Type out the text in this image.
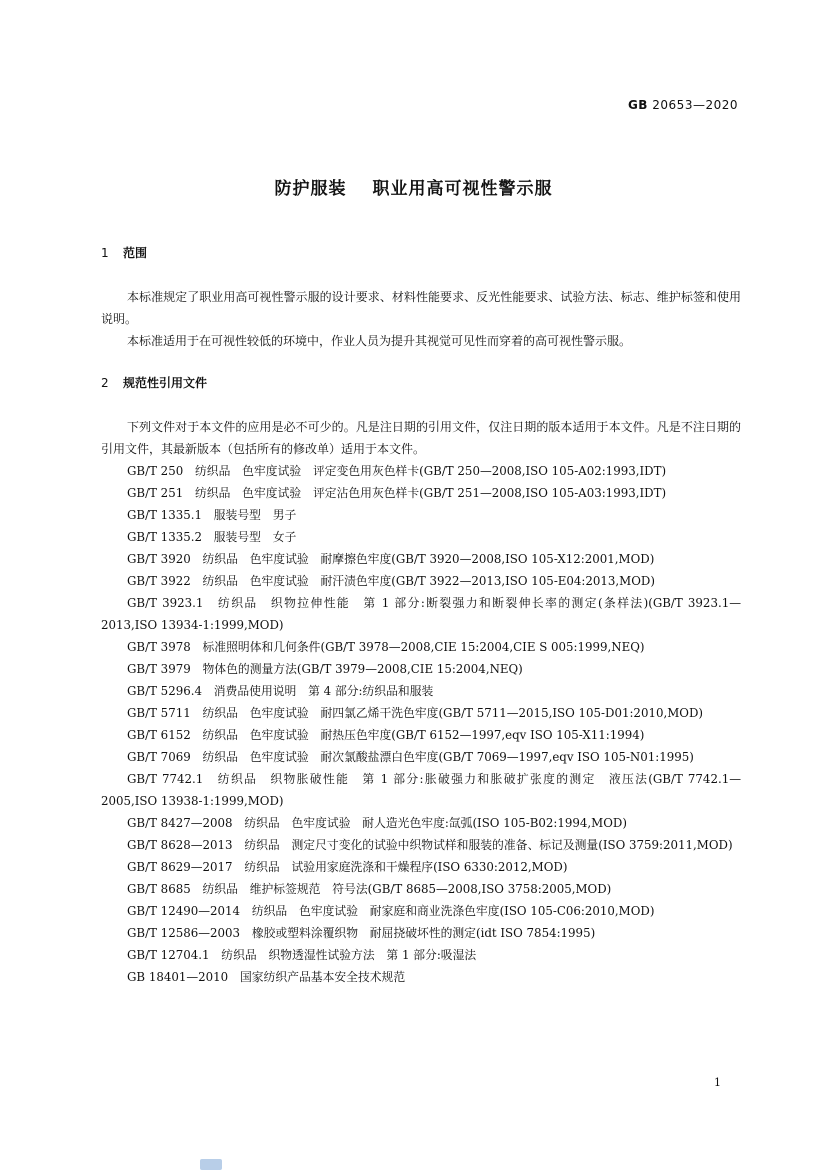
GB 20653—2020
防护服装 职业用高可视性警示服
1 范围
本标准规定了职业用高可视性警示服的设计要求、材料性能要求、反光性能要求、试验方法、标志、维护标签和使用说明。
本标准适用于在可视性较低的环境中，作业人员为提升其视觉可见性而穿着的高可视性警示服。
2 规范性引用文件
下列文件对于本文件的应用是必不可少的。凡是注日期的引用文件，仅注日期的版本适用于本文件。凡是不注日期的引用文件，其最新版本（包括所有的修改单）适用于本文件。
GB/T 250　纺织品　色牢度试验　评定变色用灰色样卡(GB/T 250—2008,ISO 105-A02:1993,IDT)
GB/T 251　纺织品　色牢度试验　评定沾色用灰色样卡(GB/T 251—2008,ISO 105-A03:1993,IDT)
GB/T 1335.1　服装号型　男子
GB/T 1335.2　服装号型　女子
GB/T 3920　纺织品　色牢度试验　耐摩擦色牢度(GB/T 3920—2008,ISO 105-X12:2001,MOD)
GB/T 3922　纺织品　色牢度试验　耐汗渍色牢度(GB/T 3922—2013,ISO 105-E04:2013,MOD)
GB/T 3923.1　纺织品　织物拉伸性能　第 1 部分:断裂强力和断裂伸长率的测定(条样法)(GB/T 3923.1—2013,ISO 13934-1:1999,MOD)
GB/T 3978　标准照明体和几何条件(GB/T 3978—2008,CIE 15:2004,CIE S 005:1999,NEQ)
GB/T 3979　物体色的测量方法(GB/T 3979—2008,CIE 15:2004,NEQ)
GB/T 5296.4　消费品使用说明　第 4 部分:纺织品和服装
GB/T 5711　纺织品　色牢度试验　耐四氯乙烯干洗色牢度(GB/T 5711—2015,ISO 105-D01:2010,MOD)
GB/T 6152　纺织品　色牢度试验　耐热压色牢度(GB/T 6152—1997,eqv ISO 105-X11:1994)
GB/T 7069　纺织品　色牢度试验　耐次氯酸盐漂白色牢度(GB/T 7069—1997,eqv ISO 105-N01:1995)
GB/T 7742.1　纺织品　织物胀破性能　第 1 部分:胀破强力和胀破扩张度的测定　液压法(GB/T 7742.1—2005,ISO 13938-1:1999,MOD)
GB/T 8427—2008　纺织品　色牢度试验　耐人造光色牢度:氙弧(ISO 105-B02:1994,MOD)
GB/T 8628—2013　纺织品　测定尺寸变化的试验中织物试样和服装的准备、标记及测量(ISO 3759:2011,MOD)
GB/T 8629—2017　纺织品　试验用家庭洗涤和干燥程序(ISO 6330:2012,MOD)
GB/T 8685　纺织品　维护标签规范　符号法(GB/T 8685—2008,ISO 3758:2005,MOD)
GB/T 12490—2014　纺织品　色牢度试验　耐家庭和商业洗涤色牢度(ISO 105-C06:2010,MOD)
GB/T 12586—2003　橡胶或塑料涂覆织物　耐屈挠破坏性的测定(idt ISO 7854:1995)
GB/T 12704.1　纺织品　织物透湿性试验方法　第 1 部分:吸湿法
GB 18401—2010　国家纺织产品基本安全技术规范
1
